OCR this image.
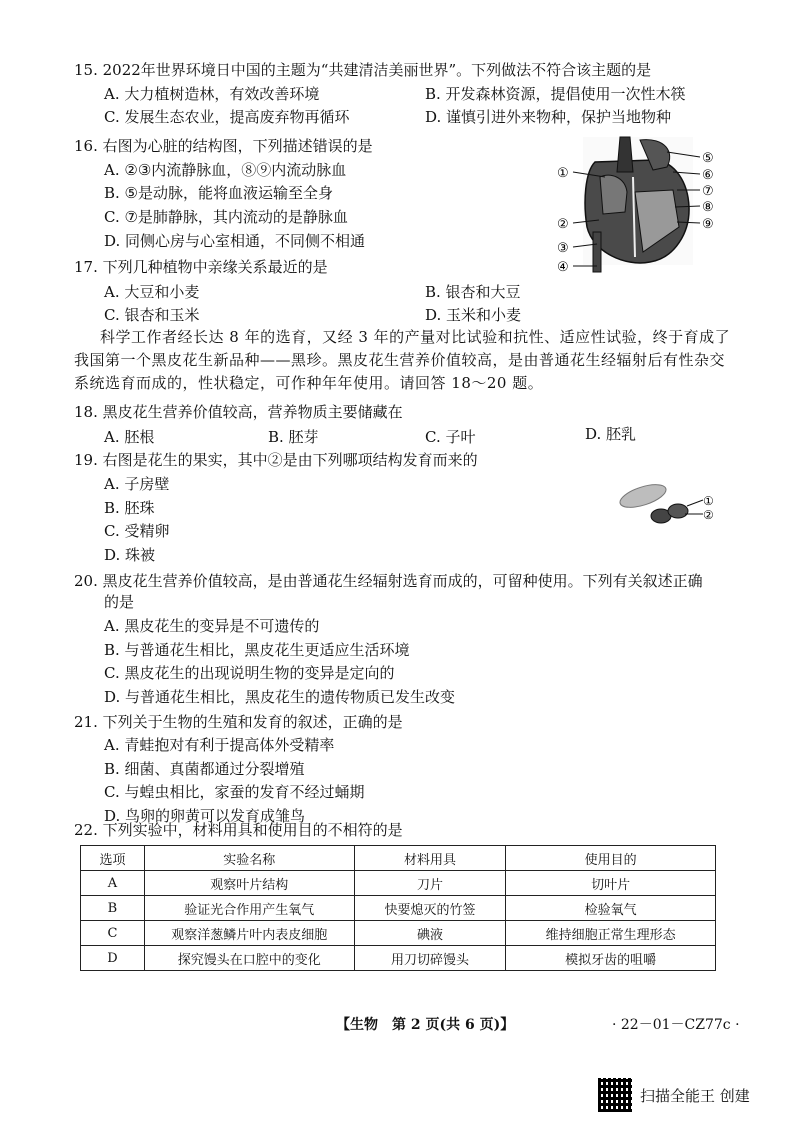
15. 2022年世界环境日中国的主题为“共建清洁美丽世界”。下列做法不符合该主题的是
A. 大力植树造林，有效改善环境	B. 开发森林资源，提倡使用一次性木筷
C. 发展生态农业，提高废弃物再循环	D. 谨慎引进外来物种，保护当地物种
16. 右图为心脏的结构图，下列描述错误的是
A. ②③内流静脉血，⑧⑨内流动脉血
B. ⑤是动脉，能将血液运输至全身
C. ⑦是肺静脉，其内流动的是静脉血
D. 同侧心房与心室相通，不同侧不相通
①
②
③
④
⑤
⑥
⑦
⑧
⑨
17. 下列几种植物中亲缘关系最近的是
A. 大豆和小麦	B. 银杏和大豆
C. 银杏和玉米	D. 玉米和小麦
科学工作者经长达 8 年的选育，又经 3 年的产量对比试验和抗性、适应性试验，终于育成了我国第一个黑皮花生新品种——黑珍。黑皮花生营养价值较高，是由普通花生经辐射后有性杂交系统选育而成的，性状稳定，可作种年年使用。请回答 18～20 题。
18. 黑皮花生营养价值较高，营养物质主要储藏在
A. 胚根	B. 胚芽	C. 子叶	D. 胚乳
19. 右图是花生的果实，其中②是由下列哪项结构发育而来的
A. 子房壁
B. 胚珠
C. 受精卵
D. 珠被
①
②
20. 黑皮花生营养价值较高，是由普通花生经辐射选育而成的，可留种使用。下列有关叙述正确
的是
A. 黑皮花生的变异是不可遗传的
B. 与普通花生相比，黑皮花生更适应生活环境
C. 黑皮花生的出现说明生物的变异是定向的
D. 与普通花生相比，黑皮花生的遗传物质已发生改变
21. 下列关于生物的生殖和发育的叙述，正确的是
A. 青蛙抱对有利于提高体外受精率
B. 细菌、真菌都通过分裂增殖
C. 与蝗虫相比，家蚕的发育不经过蛹期
D. 鸟卵的卵黄可以发育成雏鸟
22. 下列实验中，材料用具和使用目的不相符的是
选项	实验名称	材料用具	使用目的
A	观察叶片结构	刀片	切叶片
B	验证光合作用产生氧气	快要熄灭的竹签	检验氧气
C	观察洋葱鳞片叶内表皮细胞	碘液	维持细胞正常生理形态
D	探究馒头在口腔中的变化	用刀切碎馒头	模拟牙齿的咀嚼
【生物　第 2 页(共 6 页)】	· 22－01－CZ77c ·
扫描全能王 创建
